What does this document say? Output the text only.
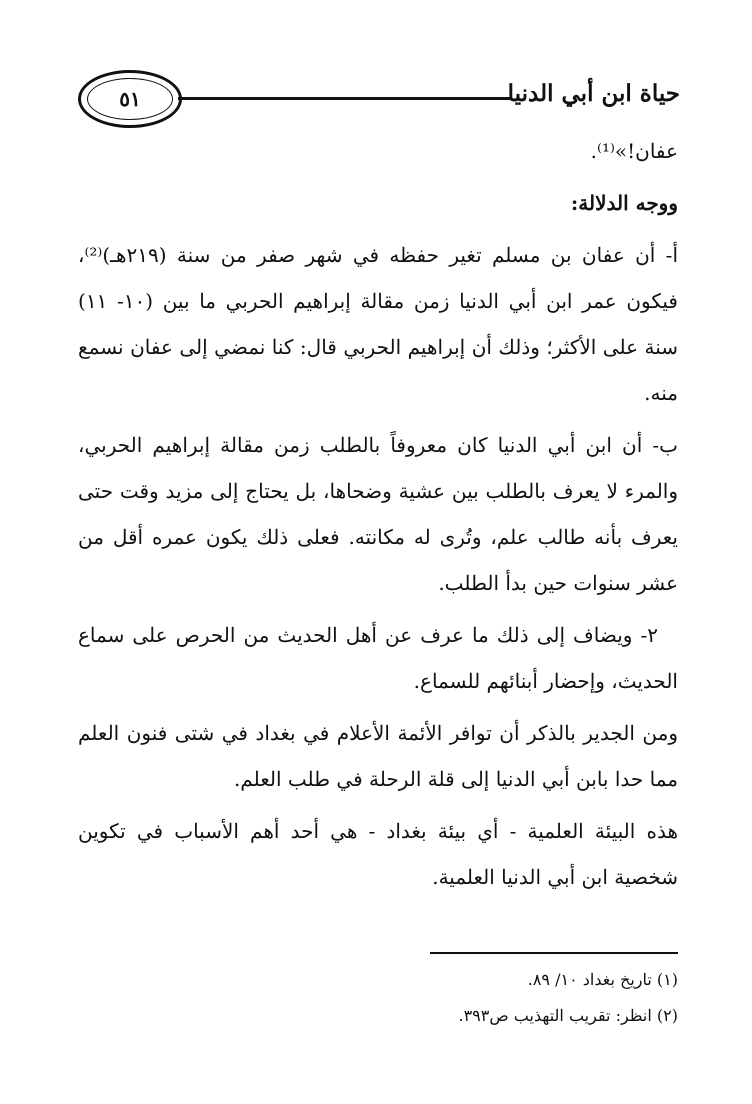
٥١	حياة ابن أبي الدنيا

عفان!»⁽¹⁾.

ووجه الدلالة:

أ- أن عفان بن مسلم تغير حفظه في شهر صفر من سنة (٢١٩هـ)⁽²⁾، فيكون عمر ابن أبي الدنيا زمن مقالة إبراهيم الحربي ما بين (١٠- ١١) سنة على الأكثر؛ وذلك أن إبراهيم الحربي قال: كنا نمضي إلى عفان نسمع منه.

ب- أن ابن أبي الدنيا كان معروفاً بالطلب زمن مقالة إبراهيم الحربي، والمرء لا يعرف بالطلب بين عشية وضحاها، بل يحتاج إلى مزيد وقت حتى يعرف بأنه طالب علم، وتُرى له مكانته. فعلى ذلك يكون عمره أقل من عشر سنوات حين بدأ الطلب.

٢- ويضاف إلى ذلك ما عرف عن أهل الحديث من الحرص على سماع الحديث، وإحضار أبنائهم للسماع.

ومن الجدير بالذكر أن توافر الأئمة الأعلام في بغداد في شتى فنون العلم مما حدا بابن أبي الدنيا إلى قلة الرحلة في طلب العلم.

هذه البيئة العلمية - أي بيئة بغداد - هي أحد أهم الأسباب في تكوين شخصية ابن أبي الدنيا العلمية.

(١) تاريخ بغداد ١٠/ ٨٩.

(٢) انظر: تقريب التهذيب ص٣٩٣.
